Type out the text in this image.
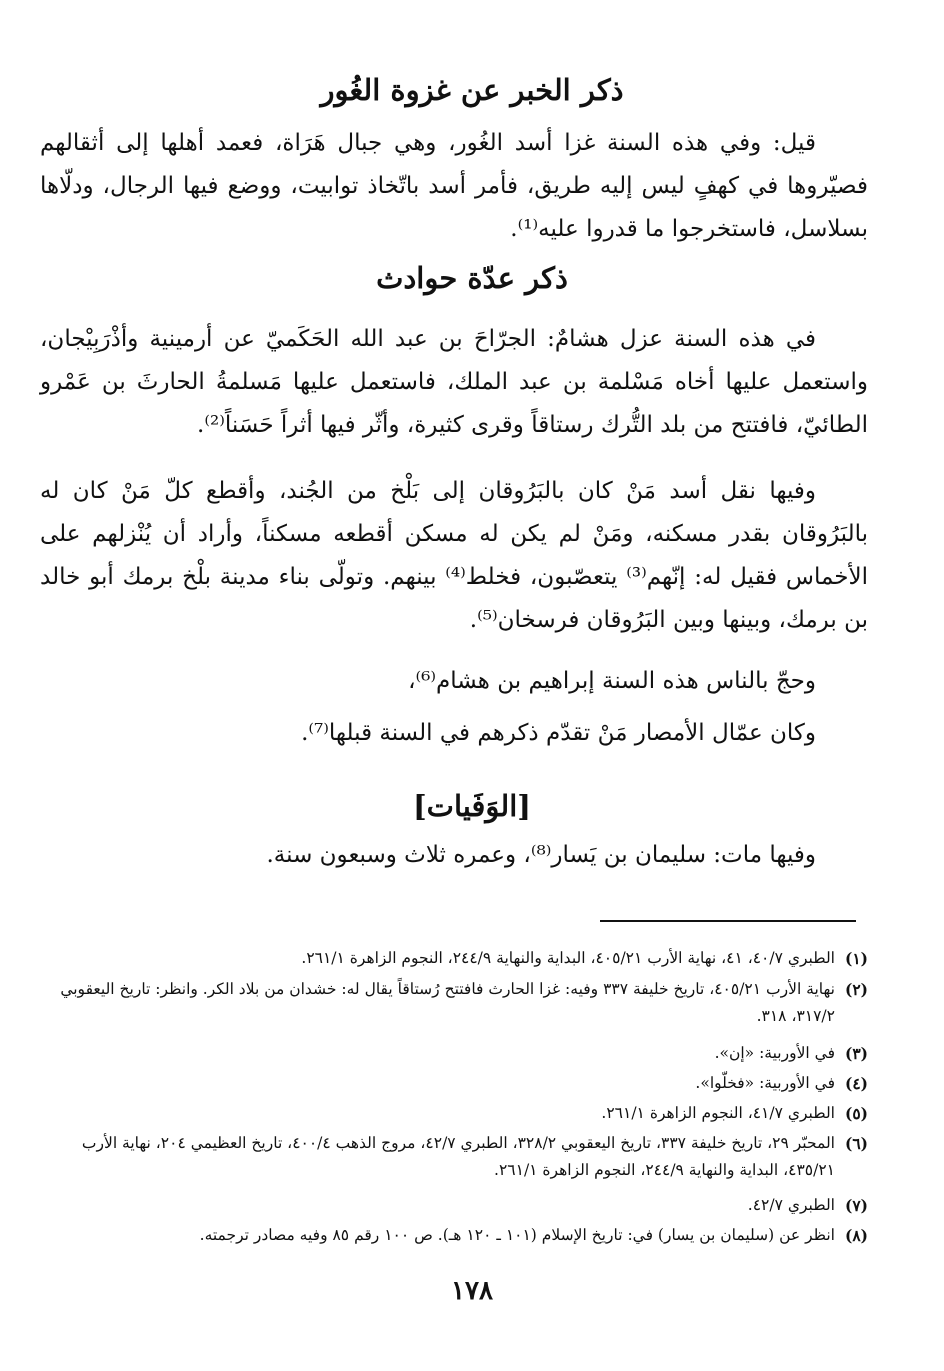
ذكر الخبر عن غزوة الغُور

قيل: وفي هذه السنة غزا أسد الغُور، وهي جبال هَرَاة، فعمد أهلها إلى أثقالهم فصيّروها في كهفٍ ليس إليه طريق، فأمر أسد باتّخاذ توابيت، ووضع فيها الرجال، ودلّاها بسلاسل، فاستخرجوا ما قدروا عليه⁽¹⁾.

ذكر عدّة حوادث

في هذه السنة عزل هشامٌ: الجرّاحَ بن عبد الله الحَكَميّ عن أرمينية وأذْرَبِيْجان، واستعمل عليها أخاه مَسْلمة بن عبد الملك، فاستعمل عليها مَسلمةُ الحارثَ بن عَمْرو الطائيّ، فافتتح من بلد التُّرك رستاقاً وقرى كثيرة، وأثّر فيها أثراً حَسَناً⁽²⁾.

وفيها نقل أسد مَنْ كان بالبَرُوقان إلى بَلْخ من الجُند، وأقطع كلّ مَنْ كان له بالبَرُوقان بقدر مسكنه، ومَنْ لم يكن له مسكن أقطعه مسكناً، وأراد أن يُنْزلهم على الأخماس فقيل له: إنّهم⁽³⁾ يتعصّبون، فخلط⁽⁴⁾ بينهم. وتولّى بناء مدينة بلْخ برمك أبو خالد بن برمك، وبينها وبين البَرُوقان فرسخان⁽⁵⁾.

وحجّ بالناس هذه السنة إبراهيم بن هشام⁽⁶⁾،

وكان عمّال الأمصار مَنْ تقدّم ذكرهم في السنة قبلها⁽⁷⁾.

[الوَفَيات]

وفيها مات: سليمان بن يَسار⁽⁸⁾، وعمره ثلاث وسبعون سنة.

(١)
الطبري ٤٠/٧، ٤١، نهاية الأرب ٤٠٥/٢١، البداية والنهاية ٢٤٤/٩، النجوم الزاهرة ٢٦١/١.
(٢)
نهاية الأرب ٤٠٥/٢١، تاريخ خليفة ٣٣٧ وفيه: غزا الحارث فافتتح رُستاقاً يقال له: خشدان من بلاد الكر. وانظر: تاريخ اليعقوبي ٣١٧/٢، ٣١٨.
(٣)
في الأوربية: «إن».
(٤)
في الأوربية: «فخلّوا».
(٥)
الطبري ٤١/٧، النجوم الزاهرة ٢٦١/١.
(٦)
المحبّر ٢٩، تاريخ خليفة ٣٣٧، تاريخ اليعقوبي ٣٢٨/٢، الطبري ٤٢/٧، مروج الذهب ٤٠٠/٤، تاريخ العظيمي ٢٠٤، نهاية الأرب ٤٣٥/٢١، البداية والنهاية ٢٤٤/٩، النجوم الزاهرة ٢٦١/١.
(٧)
الطبري ٤٢/٧.
(٨)
انظر عن (سليمان بن يسار) في: تاريخ الإسلام (١٠١ ـ ١٢٠ هـ). ص ١٠٠ رقم ٨٥ وفيه مصادر ترجمته.
١٧٨
